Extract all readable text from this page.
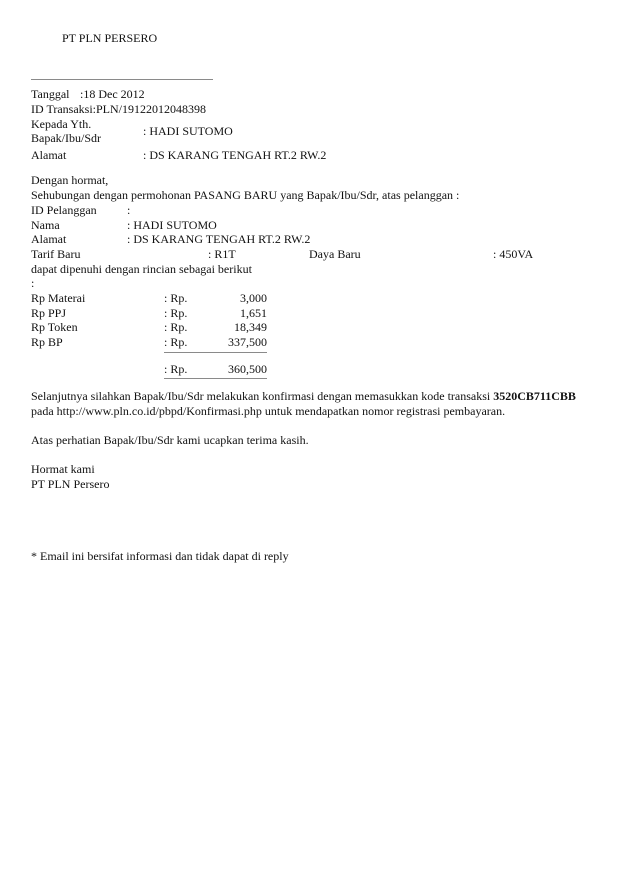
PT PLN PERSERO
Tanggal :18 Dec 2012
ID Transaksi:PLN/19122012048398
Kepada Yth.
Bapak/Ibu/Sdr	: HADI SUTOMO
Alamat	: DS KARANG TENGAH RT.2 RW.2
Dengan hormat,
Sehubungan dengan permohonan PASANG BARU yang Bapak/Ibu/Sdr, atas pelanggan :
ID Pelanggan	:
Nama	: HADI SUTOMO
Alamat	: DS KARANG TENGAH RT.2 RW.2
Tarif Baru	: R1T	Daya Baru	: 450VA
dapat dipenuhi dengan rincian sebagai berikut
:
Rp Materai	: Rp.	3,000
Rp PPJ	: Rp.	1,651
Rp Token	: Rp.	18,349
Rp BP	: Rp.	337,500
: Rp.	360,500
Selanjutnya silahkan Bapak/Ibu/Sdr melakukan konfirmasi dengan memasukkan kode transaksi 3520CB711CBB
pada http://www.pln.co.id/pbpd/Konfirmasi.php untuk mendapatkan nomor registrasi pembayaran.
Atas perhatian Bapak/Ibu/Sdr kami ucapkan terima kasih.
Hormat kami
PT PLN Persero
* Email ini bersifat informasi dan tidak dapat di reply
